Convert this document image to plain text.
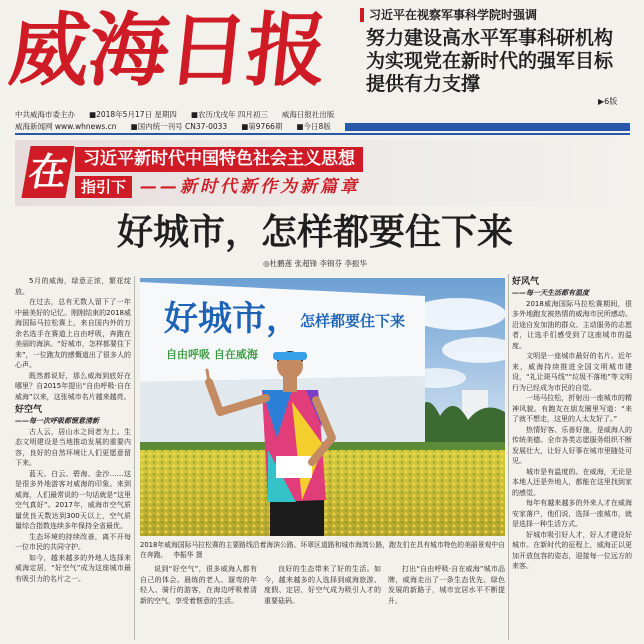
威海日报	习近平在视察军事科学院时强调
努力建设高水平军事科研机构
为实现党在新时代的强军目标
提供有力支撑
▶6版
中共威海市委主办 ■2018年5月17日 星期四 ■农历戊戌年 四月初三 威海日报社出版
威海新闻网 www.whnews.cn ■国内统一刊号 CN37-0033 ■第9766期 ■今日8版
在 习近平新时代中国特色社会主义思想
指引下 ——新时代新作为新篇章
好城市，怎样都要住下来
◎杜鹏莲 张超锋 李锦芬 李振华

5月的威海，绿意正浓，繁花绽放。

在过去，总有无数人留下了一年中最美好的记忆。刚刚结束的2018威海国际马拉松赛上，来自国内外的万余名选手在赛道上自由呼吸，奔跑在美丽的海滨。“好城市，怎样都要住下来”，一位跑友的感慨道出了很多人的心声。

既然都说好，那么威海到底好在哪里？自2015年提出“自由呼吸·自在威海”以来，这张城市名片越来越亮。

好空气
——每一次呼吸都惬意清新

古人云，居山水之间者为上。生态文明建设是当地推动发展的重要内容，良好的自然环境让人们更愿意留下来。

蓝天、白云、碧海、金沙……这是很多外地游客对威海的印象。来到威海，人们最常说的一句话就是“这里空气真好”。2017年，威海市空气质量优良天数达到300天以上，空气质量综合指数连续多年保持全省最优。

生态环境的持续改善，离不开每一位市民的共同守护。

如今，越来越多的外地人选择来威海定居，“好空气”成为这座城市最有吸引力的名片之一。

好城市， 怎样都要住下来
自由呼吸 自在威海
2018年威海国际马拉松赛的主要路线沿着海滨公路、环翠区道路和城市海湾公路，跑友们在具有城市特色的美丽景观中自在奔跑。 李振华 摄

说到“好空气”，很多威海人都有自己的体会。晨练的老人、遛弯的年轻人、骑行的游客，在海边呼吸着清新的空气，享受着惬意的生活。

良好的生态带来了好的生活。如今，越来越多的人选择到威海旅游、度假、定居，好空气成为吸引人才的重要砝码。

打出“自由呼吸·自在威海”城市品牌，威海走出了一条生态优先、绿色发展的新路子，城市宜居水平不断提升。

好风气
——每一天生活都有温度

2018威海国际马拉松赛期间，很多外地跑友被热情的威海市民所感动。沿途自发加油的群众、主动服务的志愿者，让选手们感受到了这座城市的温度。

文明是一座城市最好的名片。近年来，威海持续推进全国文明城市建设，“礼让斑马线”“垃圾不落地”等文明行为已经成为市民的自觉。

一场马拉松，折射出一座城市的精神风貌。有跑友在朋友圈里写道：“来了就不想走，这里的人太友好了。”

热情好客、乐善好施，是威海人的传统美德。全市各类志愿服务组织不断发展壮大，让好人好事在城市里随处可见。

城市是有温度的。在威海，无论是本地人还是外地人，都能在这里找到家的感觉。

每年有越来越多的外来人才在威海安家落户，他们说，选择一座城市，就是选择一种生活方式。

好城市吸引好人才，好人才建设好城市。在新时代的征程上，威海正以更加开放包容的姿态，迎接每一位远方的来客。
